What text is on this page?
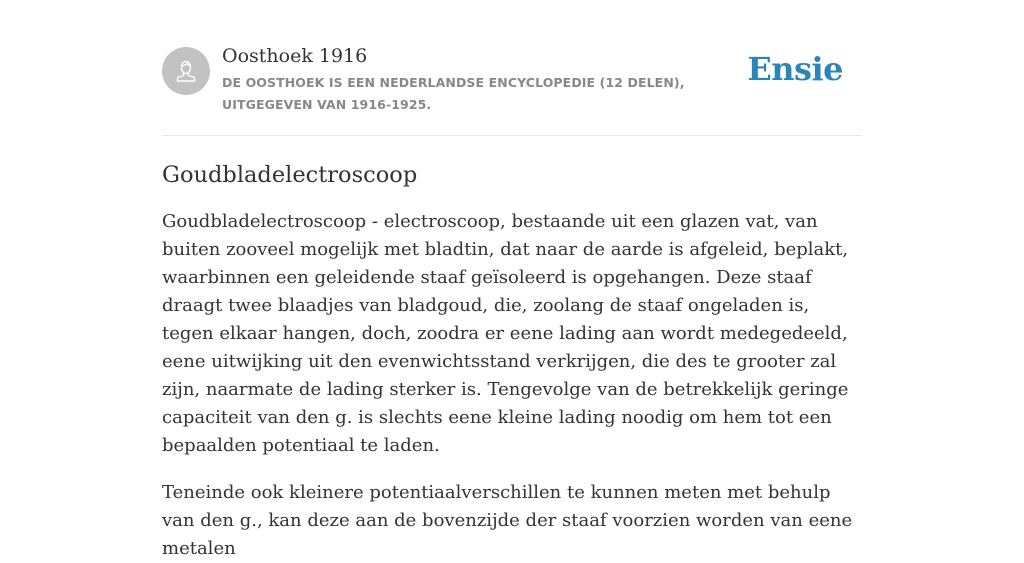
Oosthoek 1916
DE OOSTHOEK IS EEN NEDERLANDSE ENCYCLOPEDIE (12 DELEN), UITGEGEVEN VAN 1916-1925.
Ensie
Goudbladelectroscoop

Goudbladelectroscoop - electroscoop, bestaande uit een glazen vat, van buiten zooveel mogelijk met bladtin, dat naar de aarde is afgeleid, beplakt, waarbinnen een geleidende staaf geïsoleerd is opgehangen. Deze staaf draagt twee blaadjes van bladgoud, die, zoolang de staaf ongeladen is, tegen elkaar hangen, doch, zoodra er eene lading aan wordt medegedeeld, eene uitwijking uit den evenwichtsstand verkrijgen, die des te grooter zal zijn, naarmate de lading sterker is. Tengevolge van de betrekkelijk geringe capaciteit van den g. is slechts eene kleine lading noodig om hem tot een bepaalden potentiaal te laden.

Teneinde ook kleinere potentiaalverschillen te kunnen meten met behulp van den g., kan deze aan de bovenzijde der staaf voorzien worden van eene metalen
